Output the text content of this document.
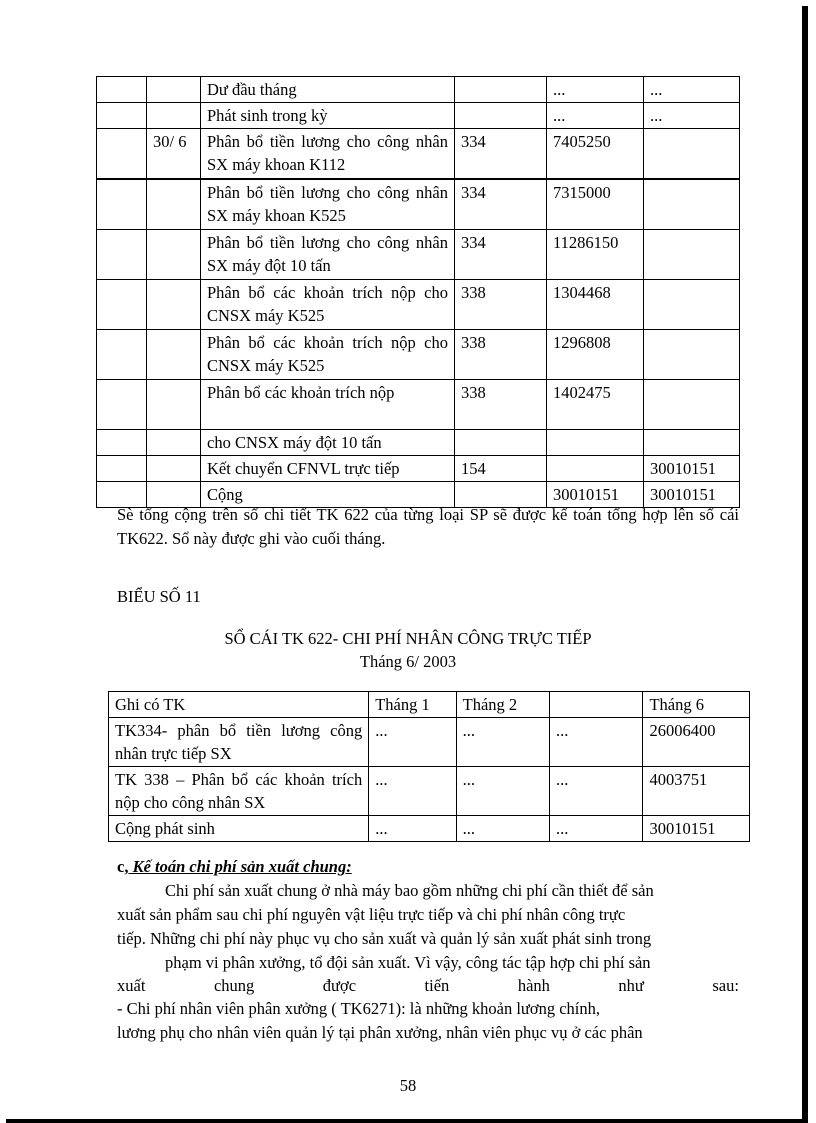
		Dư đầu tháng		...	...
		Phát sinh trong kỳ		...	...
	30/ 6	Phân bổ tiền lương cho công nhân SX máy khoan K112	334	7405250	
		Phân bổ tiền lương cho công nhân SX máy khoan K525	334	7315000	
		Phân bổ tiền lương cho công nhân SX máy đột 10 tấn	334	11286150	
		Phân bổ các khoản trích nộp cho CNSX máy K525	338	1304468	
		Phân bổ các khoản trích nộp cho CNSX máy K525	338	1296808	
		Phân bổ các khoản trích nộp	338	1402475	
		cho CNSX máy đột 10 tấn			
		Kết chuyển CFNVL trực tiếp	154		30010151
		Cộng		30010151	30010151
Sè tổng cộng trên sổ chi tiết TK 622 của từng loại SP sẽ được kế toán tổng hợp lên sổ cái TK622. Sổ này được ghi vào cuối tháng.
BIỂU SỐ 11
SỔ CÁI TK 622- CHI PHÍ NHÂN CÔNG TRỰC TIẾP
Tháng 6/ 2003
Ghi có TK	Tháng 1	Tháng 2		Tháng 6
TK334- phân bổ tiền lương công nhân trực tiếp SX	...	...	...	26006400
TK 338 – Phân bổ các khoản trích nộp cho công nhân SX	...	...	...	4003751
Cộng phát sinh	...	...	...	30010151
c, Kế toán chi phí sản xuất chung:
Chi phí sản xuất chung ở nhà máy bao gồm những chi phí cần thiết để sản
xuất sản phẩm sau chi phí nguyên vật liệu trực tiếp và chi phí nhân công trực
tiếp. Những chi phí này phục vụ cho sản xuất và quản lý sản xuất phát sinh trong
phạm vi phân xưởng, tổ đội sản xuất. Vì vậy, công tác tập hợp chi phí sản
xuất	chung	được	tiến	hành	như	sau:
- Chi phí nhân viên phân xưởng ( TK6271): là những khoản lương chính,
lương phụ cho nhân viên quản lý tại phân xưởng, nhân viên phục vụ ở các phân
58
